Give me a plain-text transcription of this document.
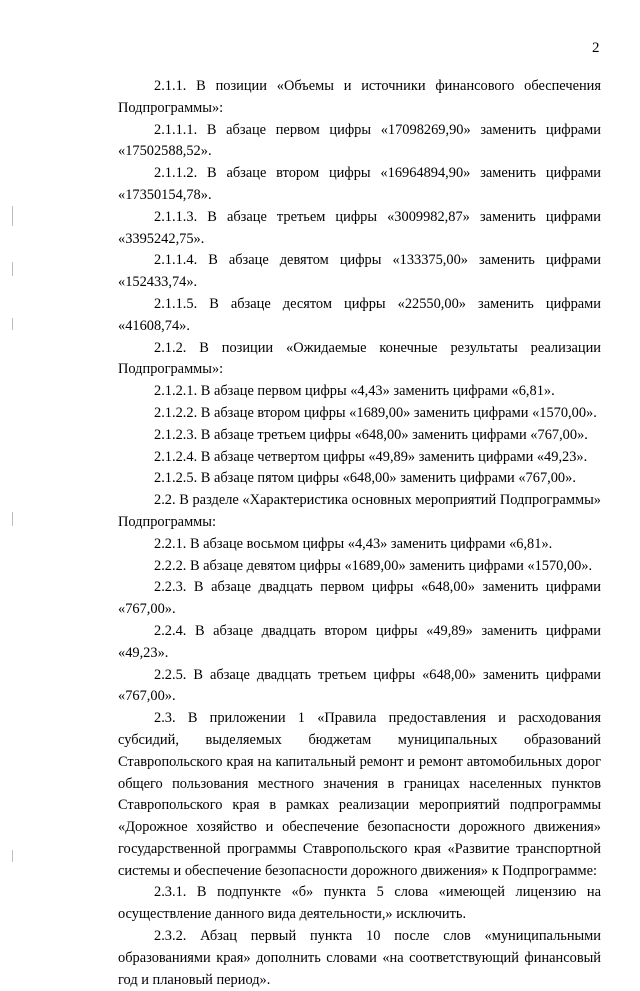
2

2.1.1. В позиции «Объемы и источники финансового обеспечения Подпрограммы»:

2.1.1.1. В абзаце первом цифры «17098269,90» заменить цифрами «17502588,52».

2.1.1.2. В абзаце втором цифры «16964894,90» заменить цифрами «17350154,78».

2.1.1.3. В абзаце третьем цифры «3009982,87» заменить цифрами «3395242,75».

2.1.1.4. В абзаце девятом цифры «133375,00» заменить цифрами «152433,74».

2.1.1.5. В абзаце десятом цифры «22550,00» заменить цифрами «41608,74».

2.1.2. В позиции «Ожидаемые конечные результаты реализации Подпрограммы»:

2.1.2.1. В абзаце первом цифры «4,43» заменить цифрами «6,81».

2.1.2.2. В абзаце втором цифры «1689,00» заменить цифрами «1570,00».

2.1.2.3. В абзаце третьем цифры «648,00» заменить цифрами «767,00».

2.1.2.4. В абзаце четвертом цифры «49,89» заменить цифрами «49,23».

2.1.2.5. В абзаце пятом цифры «648,00» заменить цифрами «767,00».

2.2. В разделе «Характеристика основных мероприятий Подпрограммы» Подпрограммы:

2.2.1. В абзаце восьмом цифры «4,43» заменить цифрами «6,81».

2.2.2. В абзаце девятом цифры «1689,00» заменить цифрами «1570,00».

2.2.3. В абзаце двадцать первом цифры «648,00» заменить цифрами «767,00».

2.2.4. В абзаце двадцать втором цифры «49,89» заменить цифрами «49,23».

2.2.5. В абзаце двадцать третьем цифры «648,00» заменить цифрами «767,00».

2.3. В приложении 1 «Правила предоставления и расходования субсидий, выделяемых бюджетам муниципальных образований Ставропольского края на капитальный ремонт и ремонт автомобильных дорог общего пользования местного значения в границах населенных пунктов Ставропольского края в рамках реализации мероприятий подпрограммы «Дорожное хозяйство и обеспечение безопасности дорожного движения» государственной программы Ставропольского края «Развитие транспортной системы и обеспечение безопасности дорожного движения» к Подпрограмме:

2.3.1. В подпункте «б» пункта 5 слова «имеющей лицензию на осуществление данного вида деятельности,» исключить.

2.3.2. Абзац первый пункта 10 после слов «муниципальными образованиями края» дополнить словами «на соответствующий финансовый год и плановый период».
